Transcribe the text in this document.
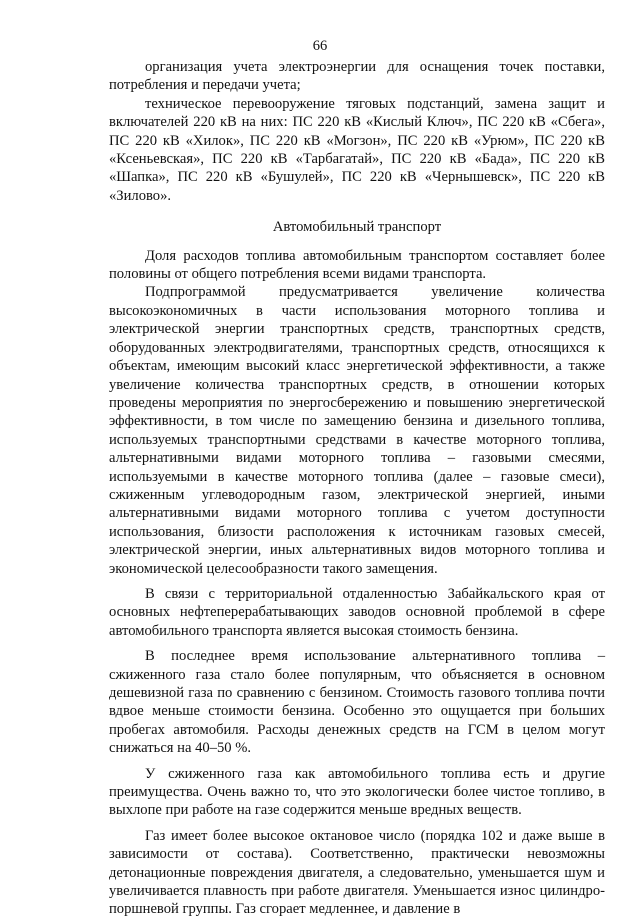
66

организация учета электроэнергии для оснащения точек поставки, потребления и передачи учета;

техническое перевооружение тяговых подстанций, замена защит и включателей 220 кВ на них: ПС 220 кВ «Кислый Ключ», ПС 220 кВ «Сбега», ПС 220 кВ «Хилок», ПС 220 кВ «Могзон», ПС 220 кВ «Урюм», ПС 220 кВ «Ксеньевская», ПС 220 кВ «Тарбагатай», ПС 220 кВ «Бада», ПС 220 кВ «Шапка», ПС 220 кВ «Бушулей», ПС 220 кВ «Чернышевск», ПС 220 кВ «Зилово».

Автомобильный транспорт

Доля расходов топлива автомобильным транспортом составляет более половины от общего потребления всеми видами транспорта.

Подпрограммой предусматривается увеличение количества высокоэкономичных в части использования моторного топлива и электрической энергии транспортных средств, транспортных средств, оборудованных электродвигателями, транспортных средств, относящихся к объектам, имеющим высокий класс энергетической эффективности, а также увеличение количества транспортных средств, в отношении которых проведены мероприятия по энергосбережению и повышению энергетической эффективности, в том числе по замещению бензина и дизельного топлива, используемых транспортными средствами в качестве моторного топлива, альтернативными видами моторного топлива – газовыми смесями, используемыми в качестве моторного топлива (далее – газовые смеси), сжиженным углеводородным газом, электрической энергией, иными альтернативными видами моторного топлива с учетом доступности использования, близости расположения к источникам газовых смесей, электрической энергии, иных альтернативных видов моторного топлива и экономической целесообразности такого замещения.

В связи с территориальной отдаленностью Забайкальского края от основных нефтеперерабатывающих заводов основной проблемой в сфере автомобильного транспорта является высокая стоимость бензина.

В последнее время использование альтернативного топлива – сжиженного газа стало более популярным, что объясняется в основном дешевизной газа по сравнению с бензином. Стоимость газового топлива почти вдвое меньше стоимости бензина. Особенно это ощущается при больших пробегах автомобиля. Расходы денежных средств на ГСМ в целом могут снижаться на 40–50 %.

У сжиженного газа как автомобильного топлива есть и другие преимущества. Очень важно то, что это экологически более чистое топливо, в выхлопе при работе на газе содержится меньше вредных веществ.

Газ имеет более высокое октановое число (порядка 102 и даже выше в зависимости от состава). Соответственно, практически невозможны детонационные повреждения двигателя, а следовательно, уменьшается шум и увеличивается плавность при работе двигателя. Уменьшается износ цилиндро-поршневой группы. Газ сгорает медленнее, и давление в
